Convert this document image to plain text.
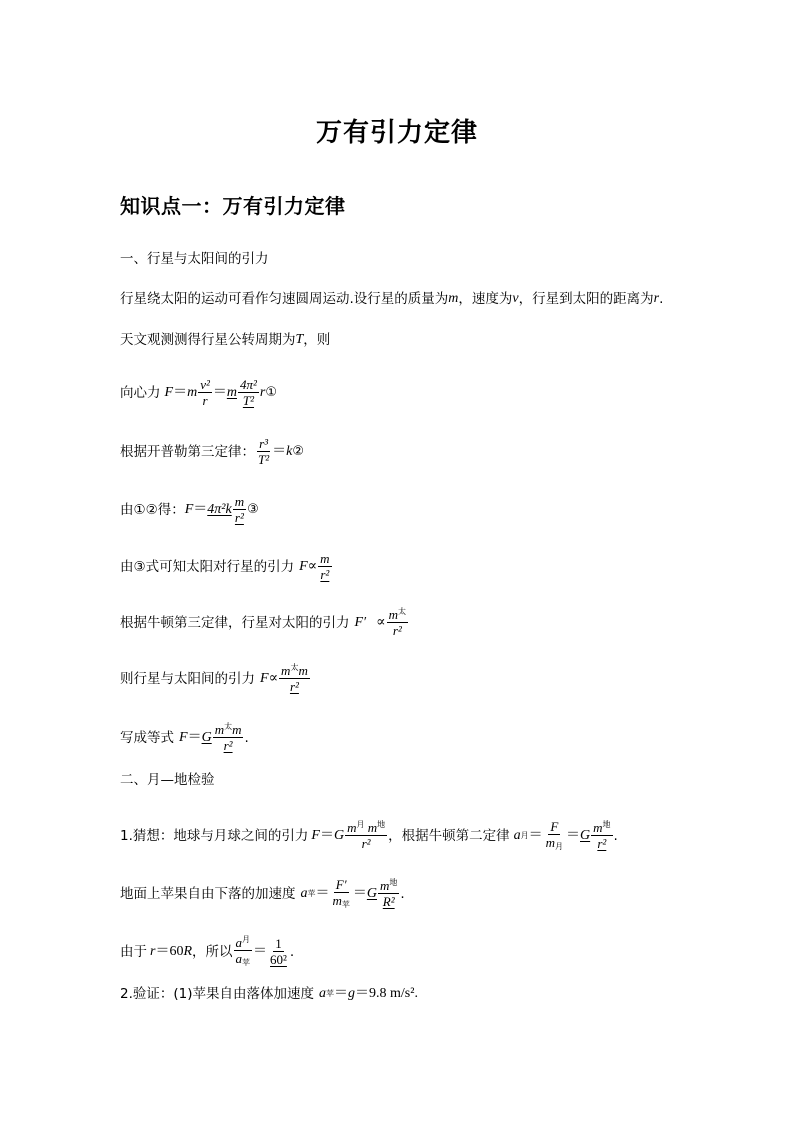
万有引力定律
知识点一：万有引力定律
一、行星与太阳间的引力
行星绕太阳的运动可看作匀速圆周运动.设行星的质量为 m ，速度为 v ，行星到太阳的距离为 r .
天文观测测得行星公转周期为 T ，则
向心力 F ＝ m $\frac{\text{v²}}{r} = m \frac{\text{4π²}}{\text{T²}}$ r ①
根据开普勒第三定律： $\frac{\text{r³}}{\text{T²}} = k$ ②
由①②得： $F = 4\pi^2k \frac{m}{\text{r²}}$ ③
由③式可知太阳对行星的引力 $F \propto \frac{m}{\text{r²}}$
根据牛顿第三定律，行星对太阳的引力 $F' \propto \frac{m^太}{\text{r²}}$
则行星与太阳间的引力 $F \propto \frac{m^太m}{\text{r²}}$
写成等式 F ＝ G $\frac{m^太m}{\text{r²}}$ .
二、月—地检验
1.猜想：地球与月球之间的引力 F ＝ G $\frac{m^月 m^地}{\text{r²}}$ ，根据牛顿第二定律 a 月 ＝ $\frac{F}{m_月} = G \frac{m^地}{\text{r²}}$ .
地面上苹果自由下落的加速度 a 苹 ＝ $\frac{F'}{m_苹} = G \frac{m^地}{\text{R²}}$ .
由于 r ＝60 R ，所以 $\frac{a^月}{a_苹} = \frac{1}{\text{60²}}$ .
2.验证：(1)苹果自由落体加速度 a 苹 ＝ g ＝9.8 m/s².
